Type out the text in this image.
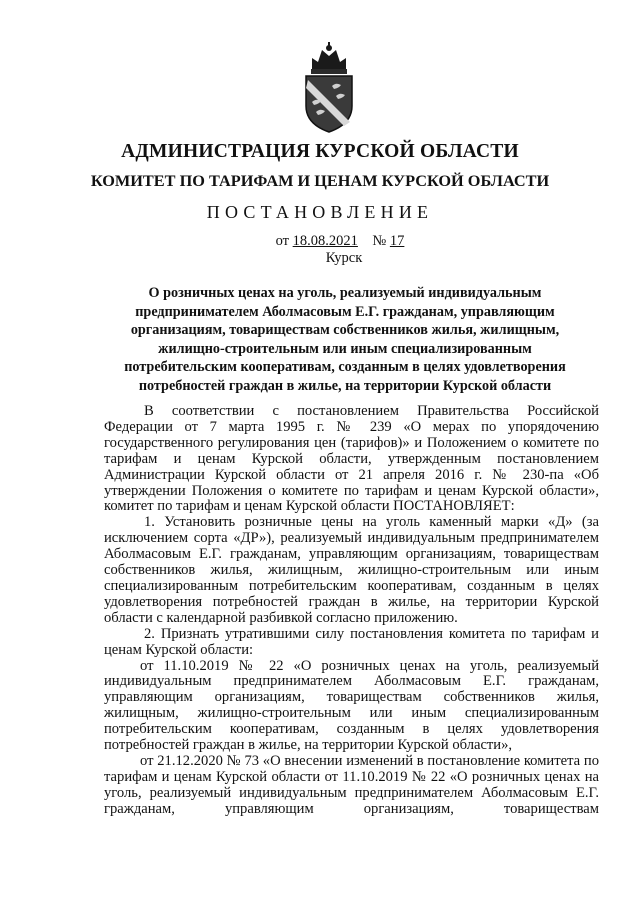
АДМИНИСТРАЦИЯ КУРСКОЙ ОБЛАСТИ
КОМИТЕТ ПО ТАРИФАМ И ЦЕНАМ КУРСКОЙ ОБЛАСТИ
ПОСТАНОВЛЕНИЕ
от 18.08.2021 № 17
Курск
О розничных ценах на уголь, реализуемый индивидуальным
предпринимателем Аболмасовым Е.Г. гражданам, управляющим
организациям, товариществам собственников жилья, жилищным,
жилищно-строительным или иным специализированным
потребительским кооперативам, созданным в целях удовлетворения
потребностей граждан в жилье, на территории Курской области

В соответствии с постановлением Правительства Российской Федерации от 7 марта 1995 г. № 239 «О мерах по упорядочению государственного регулирования цен (тарифов)» и Положением о комитете по тарифам и ценам Курской области, утвержденным постановлением Администрации Курской области от 21 апреля 2016 г. № 230-па «Об утверждении Положения о комитете по тарифам и ценам Курской области», комитет по тарифам и ценам Курской области ПОСТАНОВЛЯЕТ:

1. Установить розничные цены на уголь каменный марки «Д» (за исключением сорта «ДР»), реализуемый индивидуальным предпринимателем Аболмасовым Е.Г. гражданам, управляющим организациям, товариществам собственников жилья, жилищным, жилищно-строительным или иным специализированным потребительским кооперативам, созданным в целях удовлетворения потребностей граждан в жилье, на территории Курской области с календарной разбивкой согласно приложению.

2. Признать утратившими силу постановления комитета по тарифам и ценам Курской области:

от 11.10.2019 № 22 «О розничных ценах на уголь, реализуемый индивидуальным предпринимателем Аболмасовым Е.Г. гражданам, управляющим организациям, товариществам собственников жилья, жилищным, жилищно-строительным или иным специализированным потребительским кооперативам, созданным в целях удовлетворения потребностей граждан в жилье, на территории Курской области»,

от 21.12.2020 № 73 «О внесении изменений в постановление комитета по тарифам и ценам Курской области от 11.10.2019 № 22 «О розничных ценах на уголь, реализуемый индивидуальным предпринимателем Аболмасовым Е.Г. гражданам, управляющим организациям, товариществам
